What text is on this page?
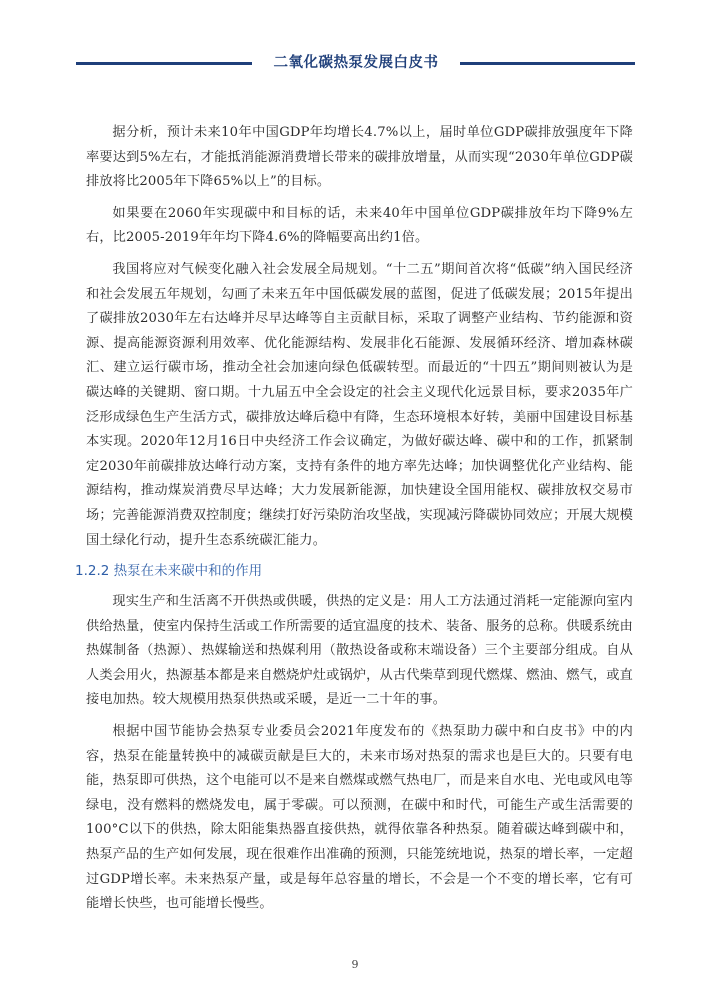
二氧化碳热泵发展白皮书

据分析，预计未来10年中国GDP年均增长4.7%以上，届时单位GDP碳排放强度年下降率要达到5%左右，才能抵消能源消费增长带来的碳排放增量，从而实现“2030年单位GDP碳排放将比2005年下降65%以上”的目标。

如果要在2060年实现碳中和目标的话，未来40年中国单位GDP碳排放年均下降9%左右，比2005-2019年年均下降4.6%的降幅要高出约1倍。

我国将应对气候变化融入社会发展全局规划。“十二五”期间首次将“低碳”纳入国民经济和社会发展五年规划，勾画了未来五年中国低碳发展的蓝图，促进了低碳发展；2015年提出了碳排放2030年左右达峰并尽早达峰等自主贡献目标，采取了调整产业结构、节约能源和资源、提高能源资源利用效率、优化能源结构、发展非化石能源、发展循环经济、增加森林碳汇、建立运行碳市场，推动全社会加速向绿色低碳转型。而最近的“十四五”期间则被认为是碳达峰的关键期、窗口期。十九届五中全会设定的社会主义现代化远景目标，要求2035年广泛形成绿色生产生活方式，碳排放达峰后稳中有降，生态环境根本好转，美丽中国建设目标基本实现。2020年12月16日中央经济工作会议确定，为做好碳达峰、碳中和的工作，抓紧制定2030年前碳排放达峰行动方案，支持有条件的地方率先达峰；加快调整优化产业结构、能源结构，推动煤炭消费尽早达峰；大力发展新能源，加快建设全国用能权、碳排放权交易市场；完善能源消费双控制度；继续打好污染防治攻坚战，实现减污降碳协同效应；开展大规模国土绿化行动，提升生态系统碳汇能力。

1.2.2 热泵在未来碳中和的作用

现实生产和生活离不开供热或供暖，供热的定义是：用人工方法通过消耗一定能源向室内供给热量，使室内保持生活或工作所需要的适宜温度的技术、装备、服务的总称。供暖系统由热媒制备（热源）、热媒输送和热媒利用（散热设备或称末端设备）三个主要部分组成。自从人类会用火，热源基本都是来自燃烧炉灶或锅炉，从古代柴草到现代燃煤、燃油、燃气，或直接电加热。较大规模用热泵供热或采暖，是近一二十年的事。

根据中国节能协会热泵专业委员会2021年度发布的《热泵助力碳中和白皮书》中的内容，热泵在能量转换中的减碳贡献是巨大的，未来市场对热泵的需求也是巨大的。只要有电能，热泵即可供热，这个电能可以不是来自燃煤或燃气热电厂，而是来自水电、光电或风电等绿电，没有燃料的燃烧发电，属于零碳。可以预测，在碳中和时代，可能生产或生活需要的100°C以下的供热，除太阳能集热器直接供热，就得依靠各种热泵。随着碳达峰到碳中和，热泵产品的生产如何发展，现在很难作出准确的预测，只能笼统地说，热泵的增长率，一定超过GDP增长率。未来热泵产量，或是每年总容量的增长，不会是一个不变的增长率，它有可能增长快些，也可能增长慢些。

9
